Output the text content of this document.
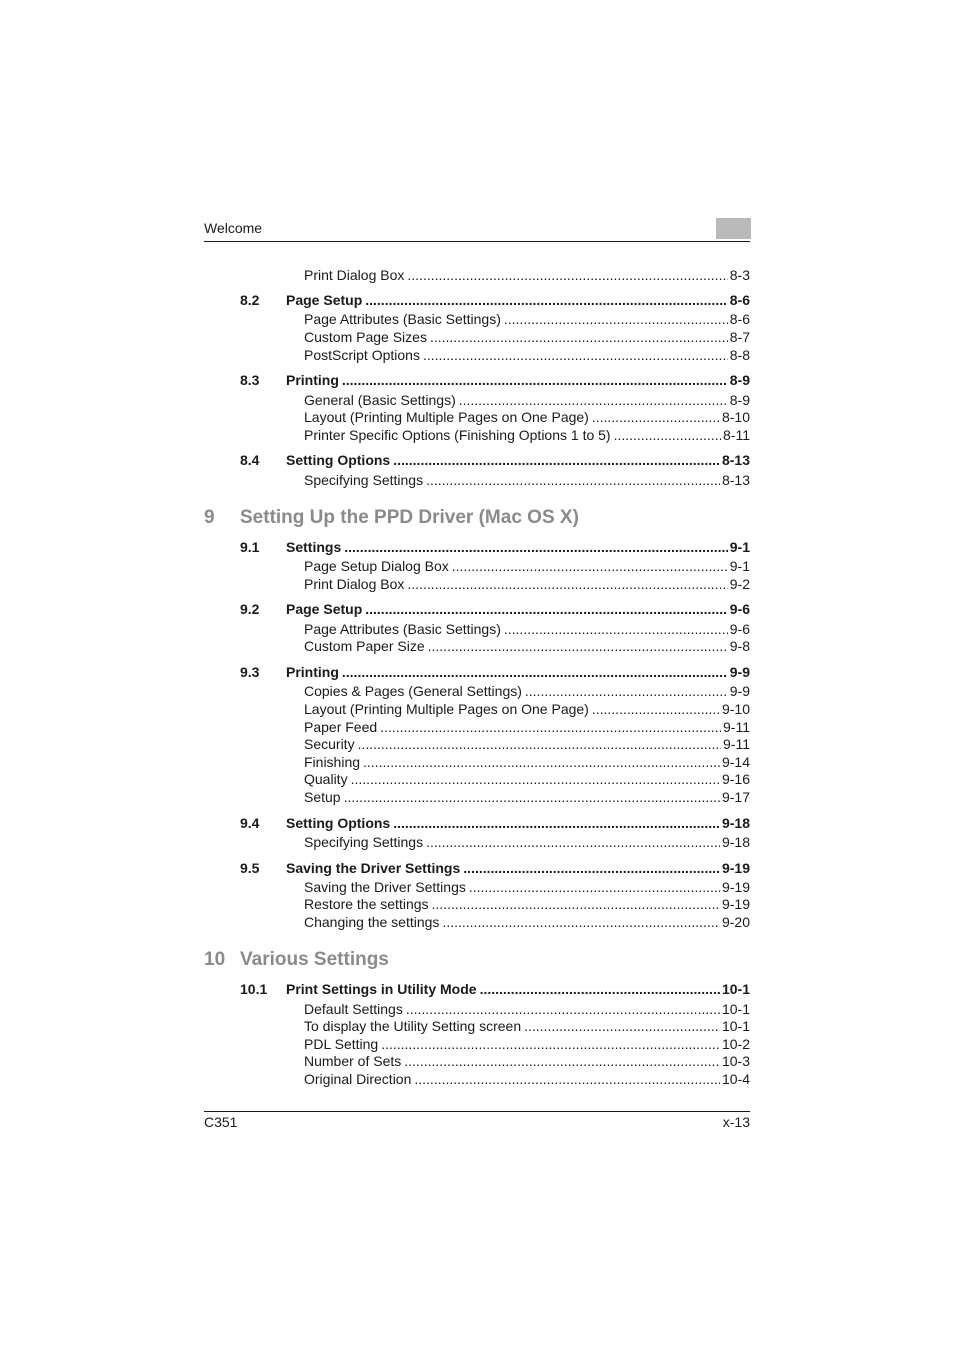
Welcome
Print Dialog Box .....	8-3
8.2 Page Setup .....	8-6
Page Attributes (Basic Settings) .....	8-6
Custom Page Sizes .....	8-7
PostScript Options .....	8-8
8.3 Printing .....	8-9
General (Basic Settings) .....	8-9
Layout (Printing Multiple Pages on One Page) .....	8-10
Printer Specific Options (Finishing Options 1 to 5) .....	8-11
8.4 Setting Options .....	8-13
Specifying Settings .....	8-13
9 Setting Up the PPD Driver (Mac OS X)
9.1 Settings .....	9-1
Page Setup Dialog Box .....	9-1
Print Dialog Box .....	9-2
9.2 Page Setup .....	9-6
Page Attributes (Basic Settings) .....	9-6
Custom Paper Size .....	9-8
9.3 Printing .....	9-9
Copies & Pages (General Settings) .....	9-9
Layout (Printing Multiple Pages on One Page) .....	9-10
Paper Feed .....	9-11
Security .....	9-11
Finishing .....	9-14
Quality .....	9-16
Setup .....	9-17
9.4 Setting Options .....	9-18
Specifying Settings .....	9-18
9.5 Saving the Driver Settings .....	9-19
Saving the Driver Settings .....	9-19
Restore the settings .....	9-19
Changing the settings .....	9-20
10 Various Settings
10.1 Print Settings in Utility Mode .....	10-1
Default Settings .....	10-1
To display the Utility Setting screen .....	10-1
PDL Setting .....	10-2
Number of Sets .....	10-3
Original Direction .....	10-4
C351	x-13
